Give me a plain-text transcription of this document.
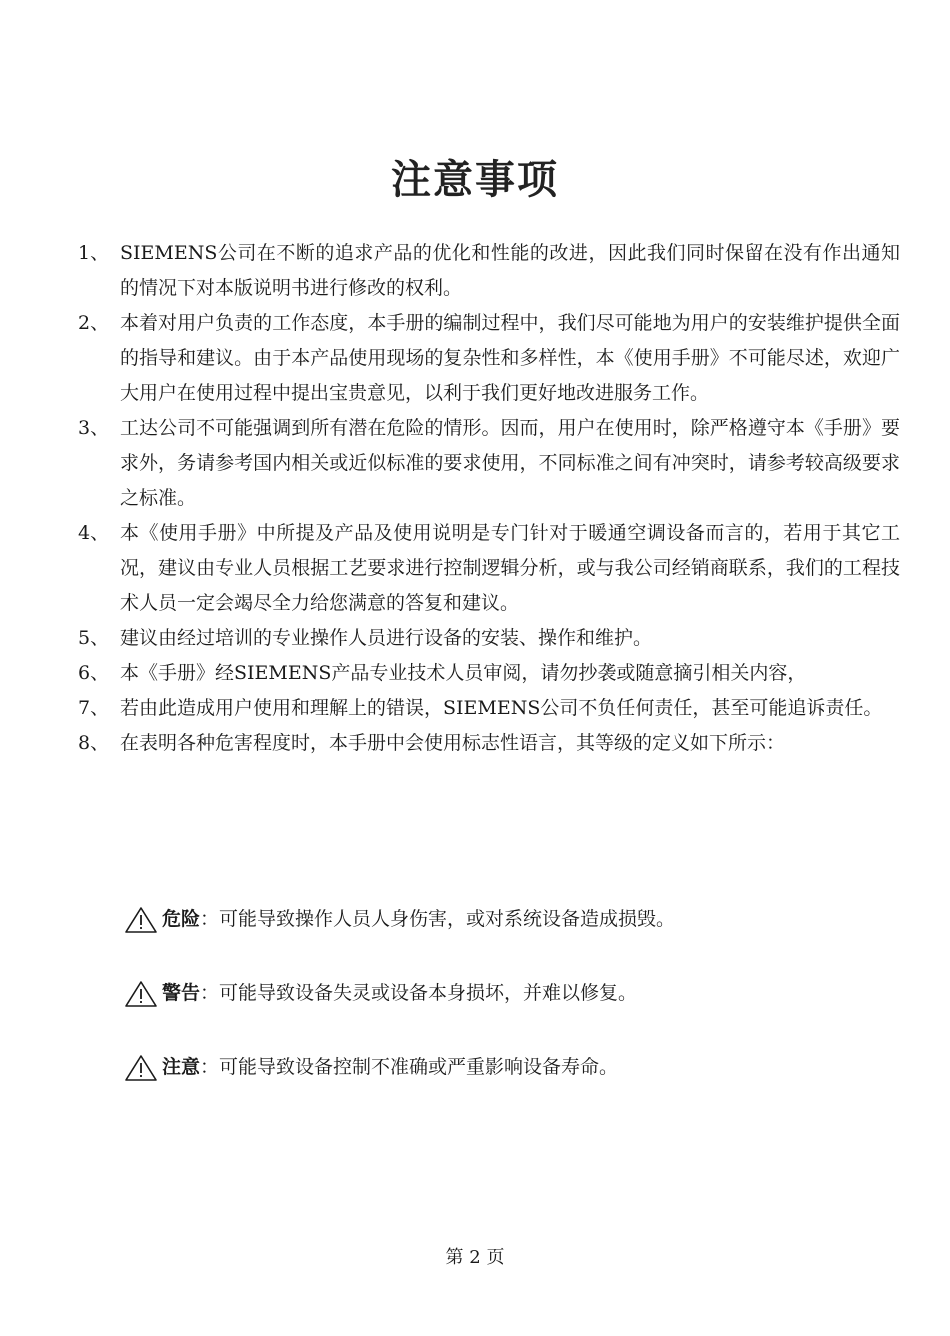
注意事项
1、 SIEMENS公司在不断的追求产品的优化和性能的改进，因此我们同时保留在没有作出通知的情况下对本版说明书进行修改的权利。
2、 本着对用户负责的工作态度，本手册的编制过程中，我们尽可能地为用户的安装维护提供全面的指导和建议。由于本产品使用现场的复杂性和多样性，本《使用手册》不可能尽述，欢迎广大用户在使用过程中提出宝贵意见，以利于我们更好地改进服务工作。
3、 工达公司不可能强调到所有潜在危险的情形。因而，用户在使用时，除严格遵守本《手册》要求外，务请参考国内相关或近似标准的要求使用，不同标准之间有冲突时，请参考较高级要求之标准。
4、 本《使用手册》中所提及产品及使用说明是专门针对于暖通空调设备而言的，若用于其它工况，建议由专业人员根据工艺要求进行控制逻辑分析，或与我公司经销商联系，我们的工程技术人员一定会竭尽全力给您满意的答复和建议。
5、 建议由经过培训的专业操作人员进行设备的安装、操作和维护。
6、 本《手册》经SIEMENS产品专业技术人员审阅，请勿抄袭或随意摘引相关内容，
7、 若由此造成用户使用和理解上的错误，SIEMENS公司不负任何责任，甚至可能追诉责任。
8、 在表明各种危害程度时，本手册中会使用标志性语言，其等级的定义如下所示：
危险：可能导致操作人员人身伤害，或对系统设备造成损毁。
警告：可能导致设备失灵或设备本身损坏，并难以修复。
注意：可能导致设备控制不准确或严重影响设备寿命。
第 2 页
